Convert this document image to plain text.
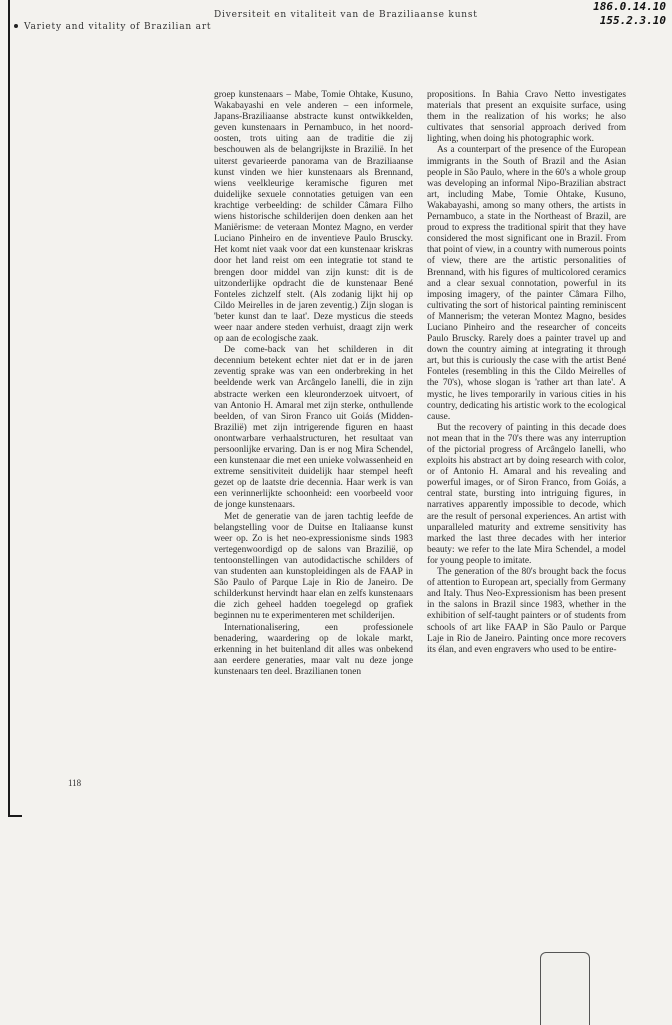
186.0.14.10
155.2.3.10
Diversiteit en vitaliteit van de Braziliaanse kunst
Variety and vitality of Brazilian art

groep kunstenaars – Mabe, Tomie Ohtake, Kusuno, Wakabayashi en vele anderen – een informele, Japans-Braziliaanse abstracte kunst ontwikkelden, geven kunstenaars in Pernambuco, in het noord-oosten, trots uiting aan de traditie die zij beschouwen als de belangrijkste in Brazilië. In het uiterst gevarieerde panorama van de Braziliaanse kunst vinden we hier kunstenaars als Brennand, wiens veelkleurige keramische figuren met duidelijke sexuele connotaties getuigen van een krachtige verbeelding: de schilder Câmara Filho wiens historische schilderijen doen denken aan het Maniërisme: de veteraan Montez Magno, en verder Luciano Pinheiro en de inventieve Paulo Brusсky. Het komt niet vaak voor dat een kunstenaar kriskras door het land reist om een integratie tot stand te brengen door middel van zijn kunst: dit is de uitzonderlijke opdracht die de kunstenaar Bené Fonteles zichzelf stelt. (Als zodanig lijkt hij op Cildo Meirelles in de jaren zeventig.) Zijn slogan is 'beter kunst dan te laat'. Deze mysticus die steeds weer naar andere steden verhuist, draagt zijn werk op aan de ecologische zaak.

De come-back van het schilderen in dit decennium betekent echter niet dat er in de jaren zeventig sprake was van een onderbreking in het beeldende werk van Arcângelo Ianelli, die in zijn abstracte werken een kleuronderzoek uitvoert, of van Antonio H. Amaral met zijn sterke, onthullende beelden, of van Siron Franco uit Goiás (Midden-Brazilië) met zijn intrigerende figuren en haast onontwarbare verhaalstructuren, het resultaat van persoonlijke ervaring. Dan is er nog Mira Schendel, een kunstenaar die met een unieke volwassenheid en extreme sensitiviteit duidelijk haar stempel heeft gezet op de laatste drie decennia. Haar werk is van een verinnerlijkte schoonheid: een voorbeeld voor de jonge kunstenaars.

Met de generatie van de jaren tachtig leefde de belangstelling voor de Duitse en Italiaanse kunst weer op. Zo is het neo-expressionisme sinds 1983 vertegenwoordigd op de salons van Brazilië, op tentoonstellingen van autodidactische schilders of van studenten aan kunstopleidingen als de FAAP in São Paulo of Parque Laje in Rio de Janeiro. De schilderkunst hervindt haar elan en zelfs kunstenaars die zich geheel hadden toegelegd op grafiek beginnen nu te experimenteren met schilderijen.

Internationalisering, een professionele benadering, waardering op de lokale markt, erkenning in het buitenland dit alles was onbekend aan eerdere generaties, maar valt nu deze jonge kunstenaars ten deel. Brazilianen tonen

propositions. In Bahia Cravo Netto investigates materials that present an exquisite surface, using them in the realization of his works; he also cultivates that sensorial approach derived from lighting, when doing his photographic work.

As a counterpart of the presence of the European immigrants in the South of Brazil and the Asian people in São Paulo, where in the 60's a whole group was developing an informal Nipo-Brazilian abstract art, including Mabe, Tomie Ohtake, Kusuno, Wakabayashi, among so many others, the artists in Pernambuco, a state in the Northeast of Brazil, are proud to express the traditional spirit that they have considered the most significant one in Brazil. From that point of view, in a country with numerous points of view, there are the artistic personalities of Brennand, with his figures of multicolored ceramics and a clear sexual connotation, powerful in its imposing imagery, of the painter Câmara Filho, cultivating the sort of historical painting reminiscent of Mannerism; the veteran Montez Magno, besides Luciano Pinheiro and the researcher of conceits Paulo Bruscky. Rarely does a painter travel up and down the country aiming at integrating it through art, but this is curiously the case with the artist Bené Fonteles (resembling in this the Cildo Meirelles of the 70's), whose slogan is 'rather art than late'. A mystic, he lives temporarily in various cities in his country, dedicating his artistic work to the ecological cause.

But the recovery of painting in this decade does not mean that in the 70's there was any interruption of the pictorial progress of Arcângelo Ianelli, who exploits his abstract art by doing research with color, or of Antonio H. Amaral and his revealing and powerful images, or of Siron Franco, from Goiás, a central state, bursting into intriguing figures, in narratives apparently impossible to decode, which are the result of personal experiences. An artist with unparalleled maturity and extreme sensitivity has marked the last three decades with her interior beauty: we refer to the late Mira Schendel, a model for young people to imitate.

The generation of the 80's brought back the focus of attention to European art, specially from Germany and Italy. Thus Neo-Expressionism has been present in the salons in Brazil since 1983, whether in the exhibition of self-taught painters or of students from schools of art like FAAP in São Paulo or Parque Laje in Rio de Janeiro. Painting once more recovers its élan, and even engravers who used to be entire-

118
